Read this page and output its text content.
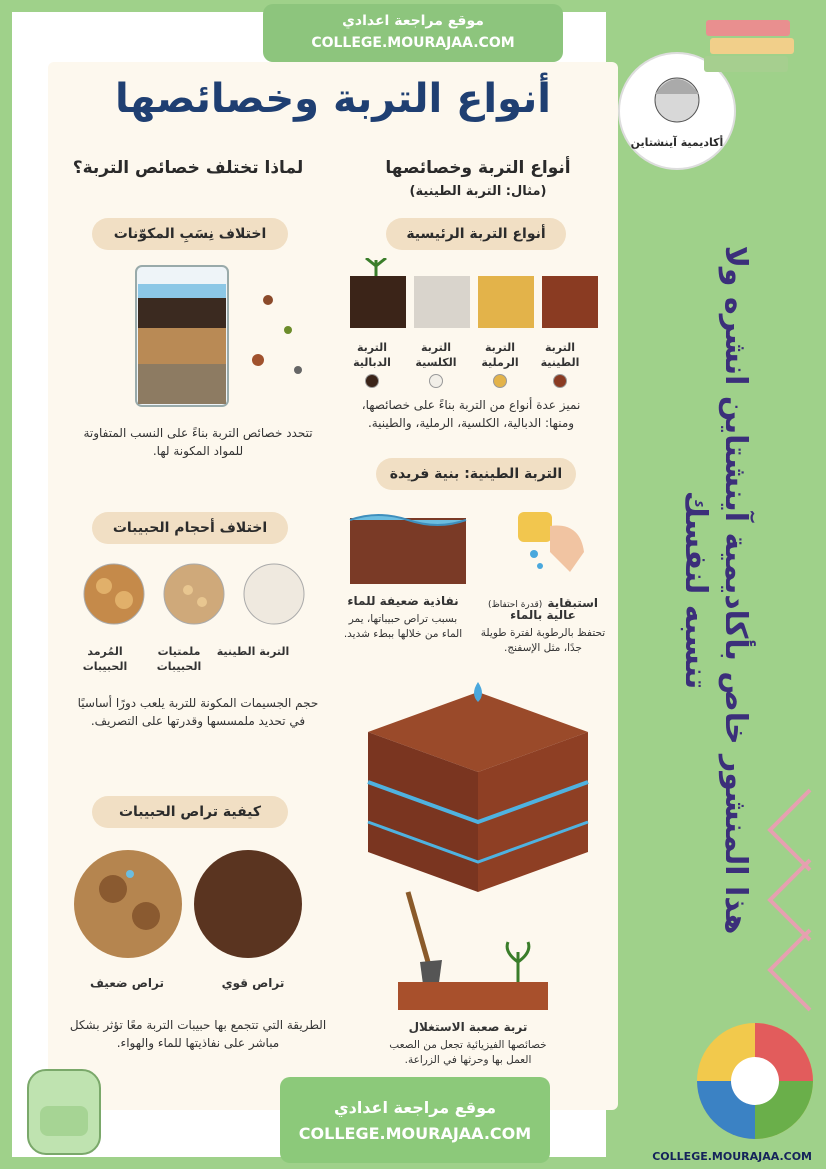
موقع مراجعة اعدادي
COLLEGE.MOURAJAA.COM
أنواع التربة وخصائصها
أنواع التربة وخصائصها
(مثال: التربة الطينية)
أنواع التربة الرئيسية
التربة الطينية
التربة الرملية
التربة الكلسية
التربة الدبالية
نميز عدة أنواع من التربة بناءً على خصائصها، ومنها: الدبالية، الكلسية، الرملية، والطينية.
التربة الطينية: بنية فريدة
نفاذية ضعيفة للماء
بسبب تراص حبيباتها، يمر الماء من خلالها ببطء شديد.
استبقاية (قدرة احتفاظ)
عالية بالماء
تحتفظ بالرطوبة لفترة طويلة جدًا، مثل الإسفنج.
تربة صعبة الاستغلال
خصائصها الفيزيائية تجعل من الصعب العمل بها وحرثها في الزراعة.
لماذا تختلف خصائص التربة؟
اختلاف نِسَبِ المكوّنات
تتحدد خصائص التربة بناءً على النسب المتفاوتة للمواد المكونة لها.
اختلاف أحجام الحبيبات
التربة الطينية
ملمتيات الحبيبات
المُرمد الحبيبات
حجم الجسيمات المكونة للتربة يلعب دورًا أساسيًا في تحديد ملمسسها وقدرتها على التصريف.
كيفية تراص الحبيبات
تراص قوي
تراص ضعيف
الطريقة التي تتجمع بها حبيبات التربة معًا تؤثر بشكل مباشر على نفاذيتها للماء والهواء.
أكاديمية آينشتاين
هذا المنشور خاص بأكاديمية آينشتاين انشره ولا تنسبه لنفسك
موقع مراجعة اعدادي
COLLEGE.MOURAJAA.COM
COLLEGE.MOURAJAA.COM
